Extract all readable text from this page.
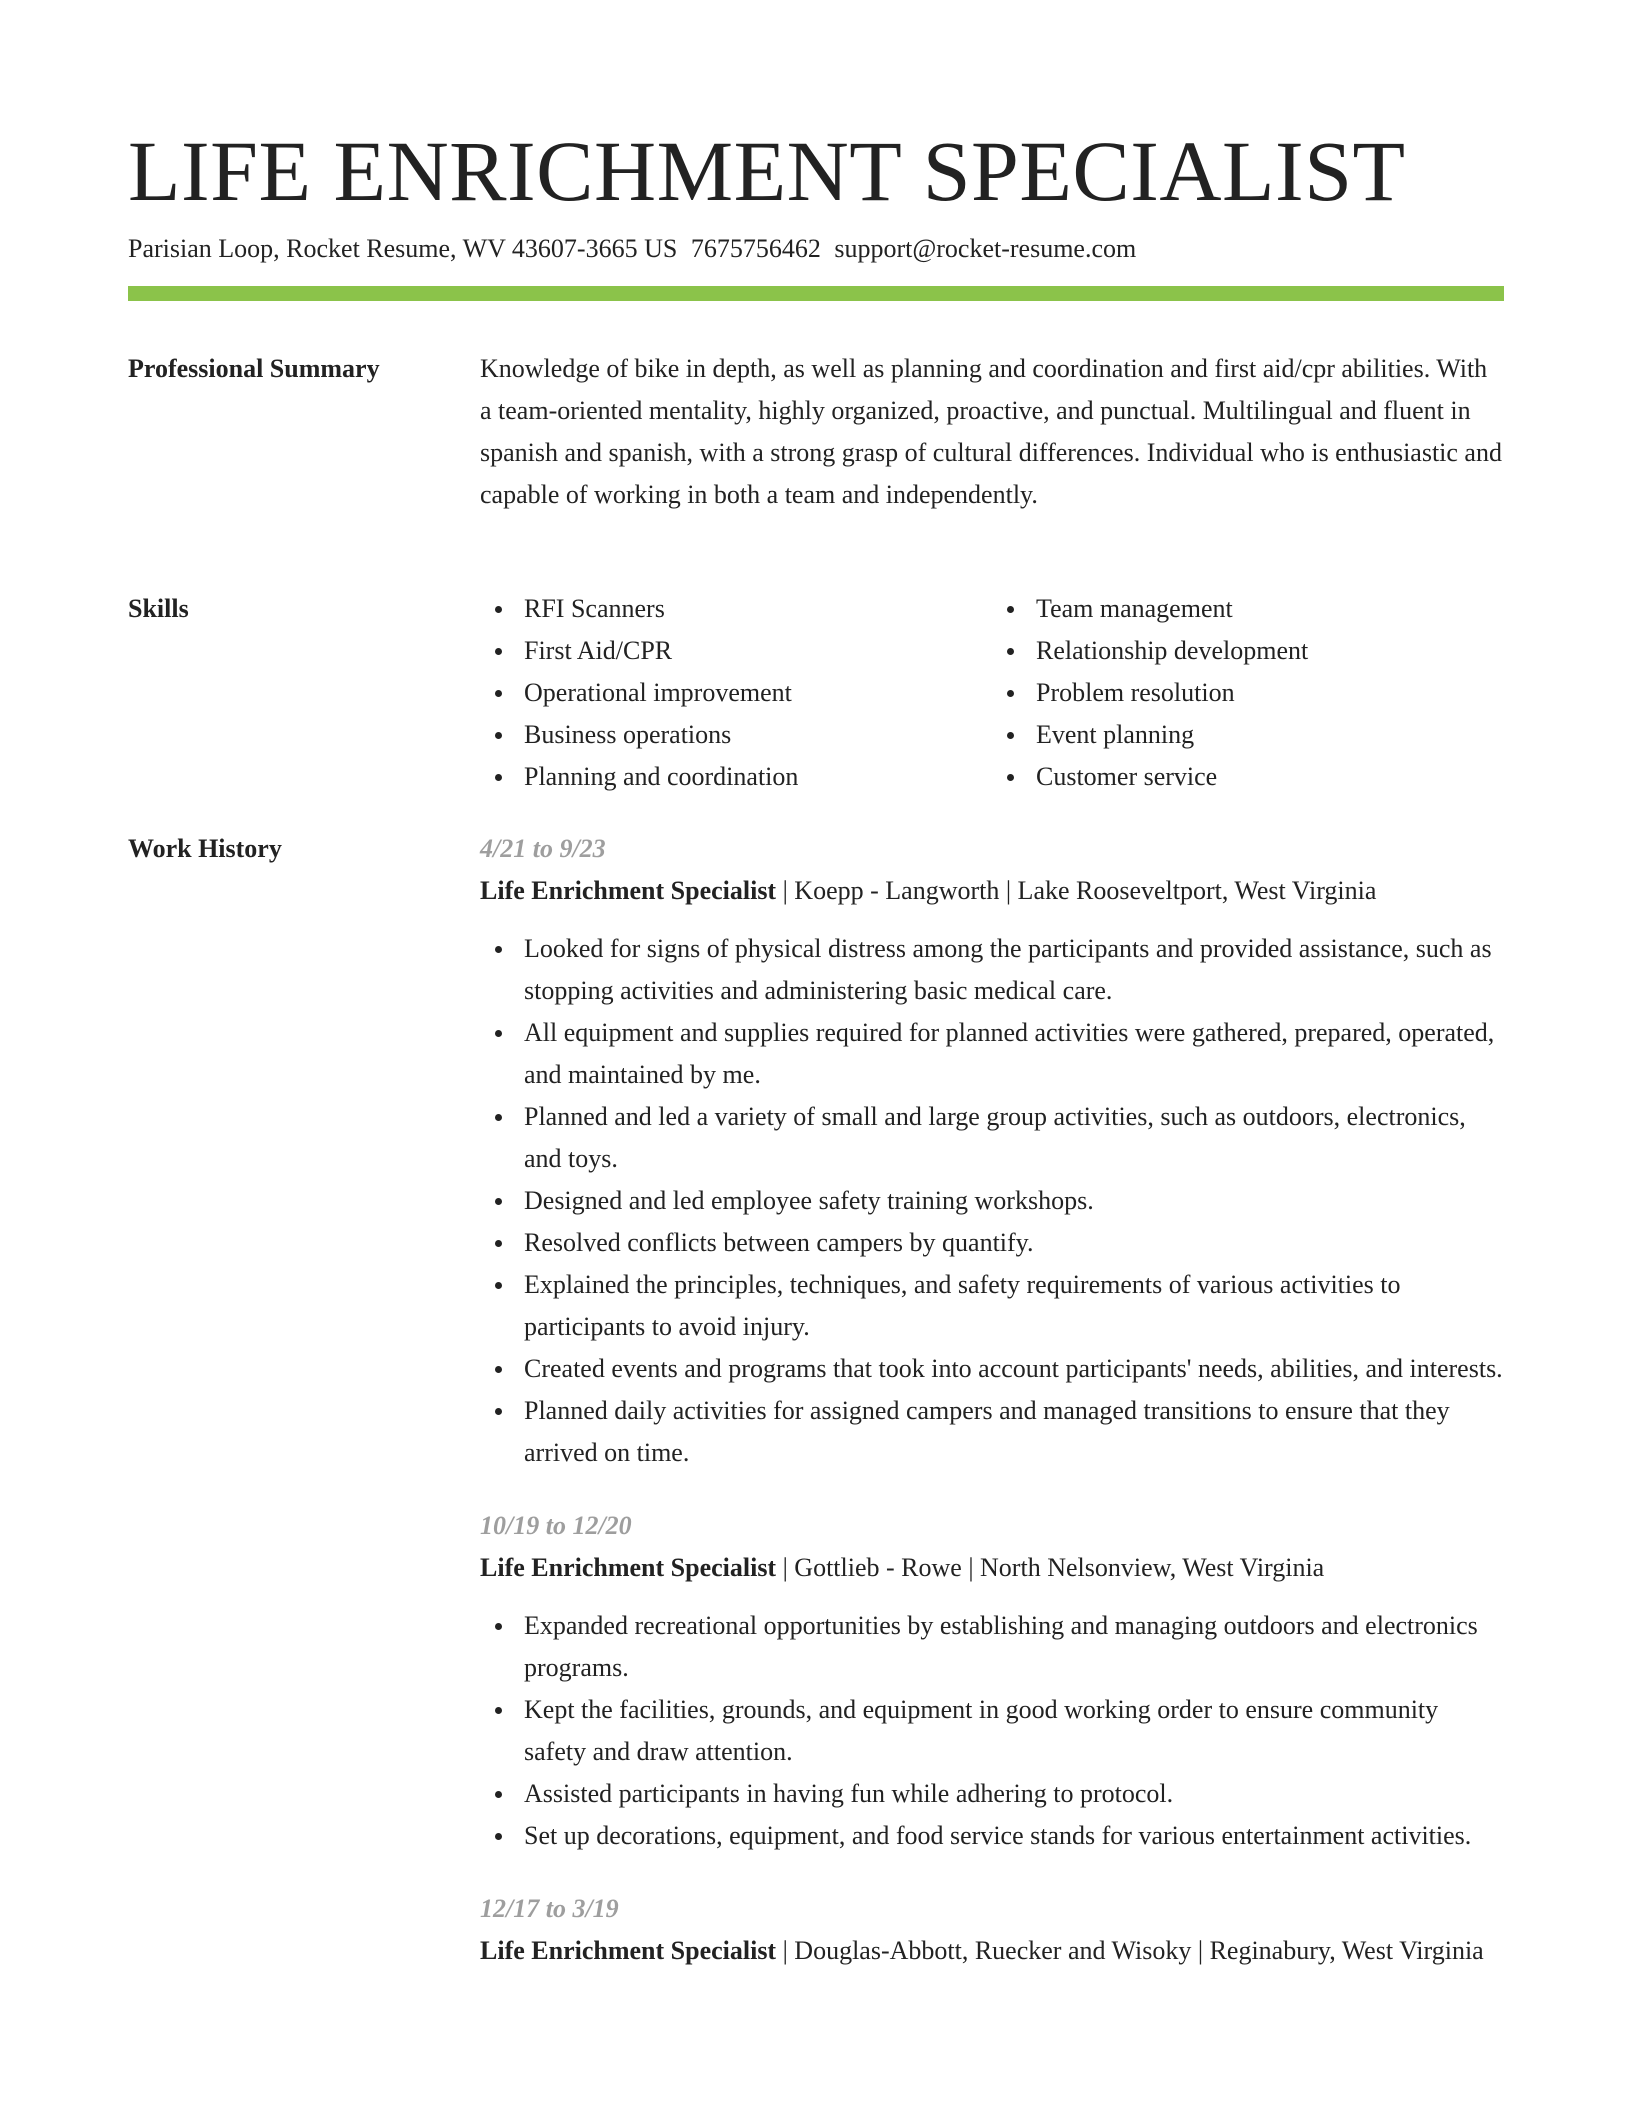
LIFE ENRICHMENT SPECIALIST
Parisian Loop, Rocket Resume, WV 43607-3665 US 7675756462 support@rocket-resume.com
Professional Summary	Knowledge of bike in depth, as well as planning and coordination and first aid/cpr abilities. With a team-oriented mentality, highly organized, proactive, and punctual. Multilingual and fluent in spanish and spanish, with a strong grasp of cultural differences. Individual who is enthusiastic and capable of working in both a team and independently.

Skills	RFI Scanners
First Aid/CPR
Operational improvement
Business operations
Planning and coordination
Team management
Relationship development
Problem resolution
Event planning
Customer service
Work History	4/21 to 9/23
Life Enrichment Specialist | Koepp - Langworth | Lake Rooseveltport, West Virginia
Looked for signs of physical distress among the participants and provided assistance, such as stopping activities and administering basic medical care.
All equipment and supplies required for planned activities were gathered, prepared, operated, and maintained by me.
Planned and led a variety of small and large group activities, such as outdoors, electronics, and toys.
Designed and led employee safety training workshops.
Resolved conflicts between campers by quantify.
Explained the principles, techniques, and safety requirements of various activities to participants to avoid injury.
Created events and programs that took into account participants' needs, abilities, and interests.
Planned daily activities for assigned campers and managed transitions to ensure that they arrived on time.
10/19 to 12/20
Life Enrichment Specialist | Gottlieb - Rowe | North Nelsonview, West Virginia
Expanded recreational opportunities by establishing and managing outdoors and electronics programs.
Kept the facilities, grounds, and equipment in good working order to ensure community safety and draw attention.
Assisted participants in having fun while adhering to protocol.
Set up decorations, equipment, and food service stands for various entertainment activities.
12/17 to 3/19
Life Enrichment Specialist | Douglas-Abbott, Ruecker and Wisoky | Reginabury, West Virginia
